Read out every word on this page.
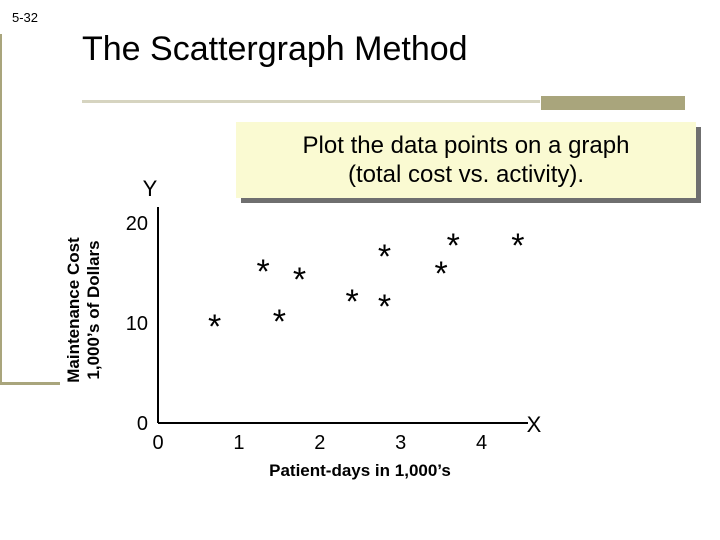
5-32
The Scattergraph Method
Plot the data points on a graph
(total cost vs. activity).
Maintenance Cost
1,000’s of Dollars
Y
X
0
10
20
0	1	2	3	4
Patient-days in 1,000’s
*
*
*
*
* *
* *
* *
